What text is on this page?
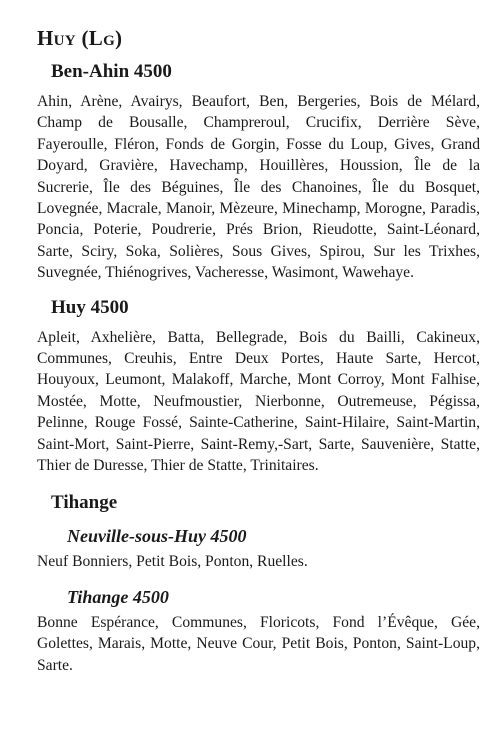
Huy (Lg)
Ben-Ahin 4500

Ahin, Arène, Avairys, Beaufort, Ben, Bergeries, Bois de Mélard, Champ de Bousalle, Champreroul, Crucifix, Derrière Sève, Fayeroulle, Fléron, Fonds de Gorgin, Fosse du Loup, Gives, Grand Doyard, Gravière, Havechamp, Houillères, Houssion, Île de la Sucrerie, Île des Béguines, Île des Chanoines, Île du Bosquet, Lovegnée, Macrale, Manoir, Mèzeure, Minechamp, Morogne, Paradis, Poncia, Poterie, Poudrerie, Prés Brion, Rieudotte, Saint-Léonard, Sarte, Sciry, Soka, Solières, Sous Gives, Spirou, Sur les Trixhes, Suvegnée, Thiénogrives, Vacheresse, Wasimont, Wawehaye.

Huy 4500

Apleit, Axhelière, Batta, Bellegrade, Bois du Bailli, Cakineux, Communes, Creuhis, Entre Deux Portes, Haute Sarte, Hercot, Houyoux, Leumont, Malakoff, Marche, Mont Corroy, Mont Falhise, Mostée, Motte, Neufmoustier, Nierbonne, Outremeuse, Pégissa, Pelinne, Rouge Fossé, Sainte-Catherine, Saint-Hilaire, Saint-Martin, Saint-Mort, Saint-Pierre, Saint-Remy,-Sart, Sarte, Sauvenière, Statte, Thier de Duresse, Thier de Statte, Trinitaires.

Tihange
Neuville-sous-Huy 4500

Neuf Bonniers, Petit Bois, Ponton, Ruelles.

Tihange 4500

Bonne Espérance, Communes, Floricots, Fond l’Évêque, Gée, Golettes, Marais, Motte, Neuve Cour, Petit Bois, Ponton, Saint-Loup, Sarte.
